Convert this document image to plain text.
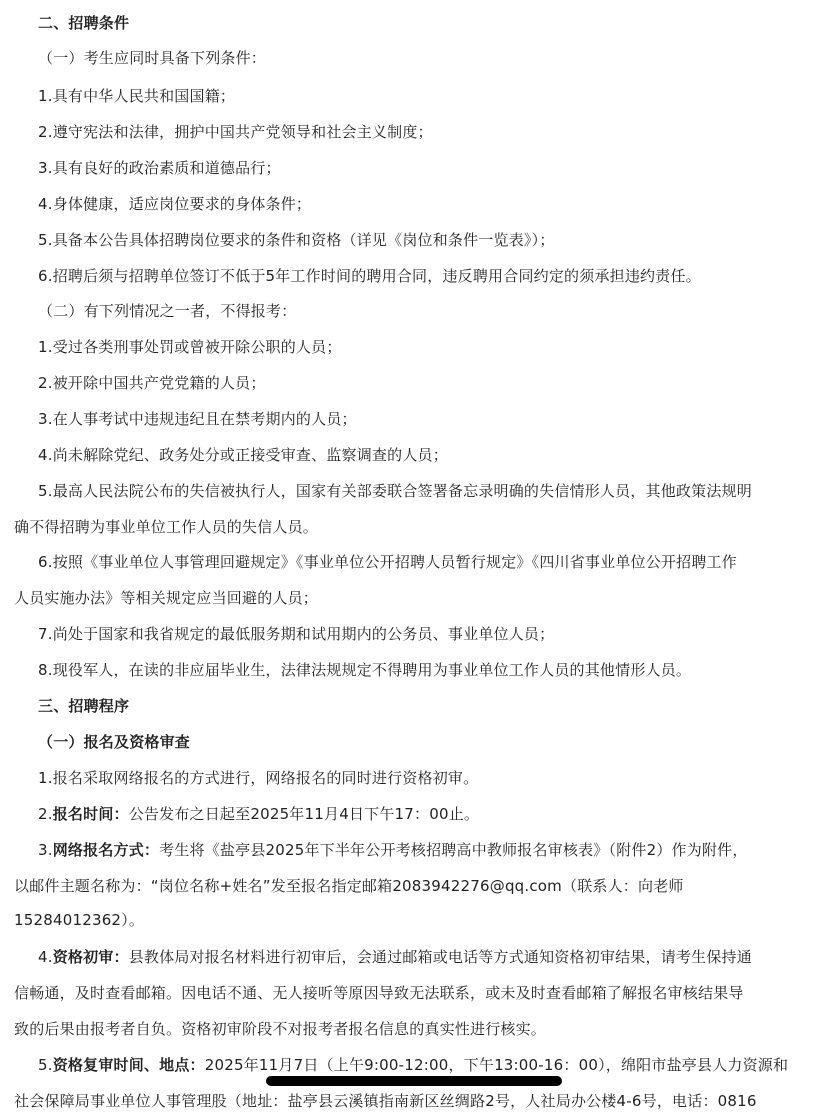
二、招聘条件
（一）考生应同时具备下列条件：
1.具有中华人民共和国国籍；
2.遵守宪法和法律，拥护中国共产党领导和社会主义制度；
3.具有良好的政治素质和道德品行；
4.身体健康，适应岗位要求的身体条件；
5.具备本公告具体招聘岗位要求的条件和资格（详见《岗位和条件一览表》）；
6.招聘后须与招聘单位签订不低于5年工作时间的聘用合同，违反聘用合同约定的须承担违约责任。
（二）有下列情况之一者，不得报考：
1.受过各类刑事处罚或曾被开除公职的人员；
2.被开除中国共产党党籍的人员；
3.在人事考试中违规违纪且在禁考期内的人员；
4.尚未解除党纪、政务处分或正接受审查、监察调查的人员；
5.最高人民法院公布的失信被执行人，国家有关部委联合签署备忘录明确的失信情形人员，其他政策法规明
确不得招聘为事业单位工作人员的失信人员。
6.按照《事业单位人事管理回避规定》《事业单位公开招聘人员暂行规定》《四川省事业单位公开招聘工作
人员实施办法》等相关规定应当回避的人员；
7.尚处于国家和我省规定的最低服务期和试用期内的公务员、事业单位人员；
8.现役军人，在读的非应届毕业生，法律法规规定不得聘用为事业单位工作人员的其他情形人员。
三、招聘程序
（一）报名及资格审查
1.报名采取网络报名的方式进行，网络报名的同时进行资格初审。
2.报名时间：公告发布之日起至2025年11月4日下午17：00止。
3.网络报名方式：考生将《盐亭县2025年下半年公开考核招聘高中教师报名审核表》（附件2）作为附件，
以邮件主题名称为：“岗位名称+姓名”发至报名指定邮箱2083942276@qq.com（联系人：向老师
15284012362）。
4.资格初审：县教体局对报名材料进行初审后，会通过邮箱或电话等方式通知资格初审结果，请考生保持通
信畅通，及时查看邮箱。因电话不通、无人接听等原因导致无法联系，或未及时查看邮箱了解报名审核结果导
致的后果由报考者自负。资格初审阶段不对报考者报名信息的真实性进行核实。
5.资格复审时间、地点：2025年11月7日（上午9:00-12:00，下午13:00-16：00），绵阳市盐亭县人力资源和
社会保障局事业单位人事管理股（地址：盐亭县云溪镇指南新区丝绸路2号，人社局办公楼4-6号，电话：0816
